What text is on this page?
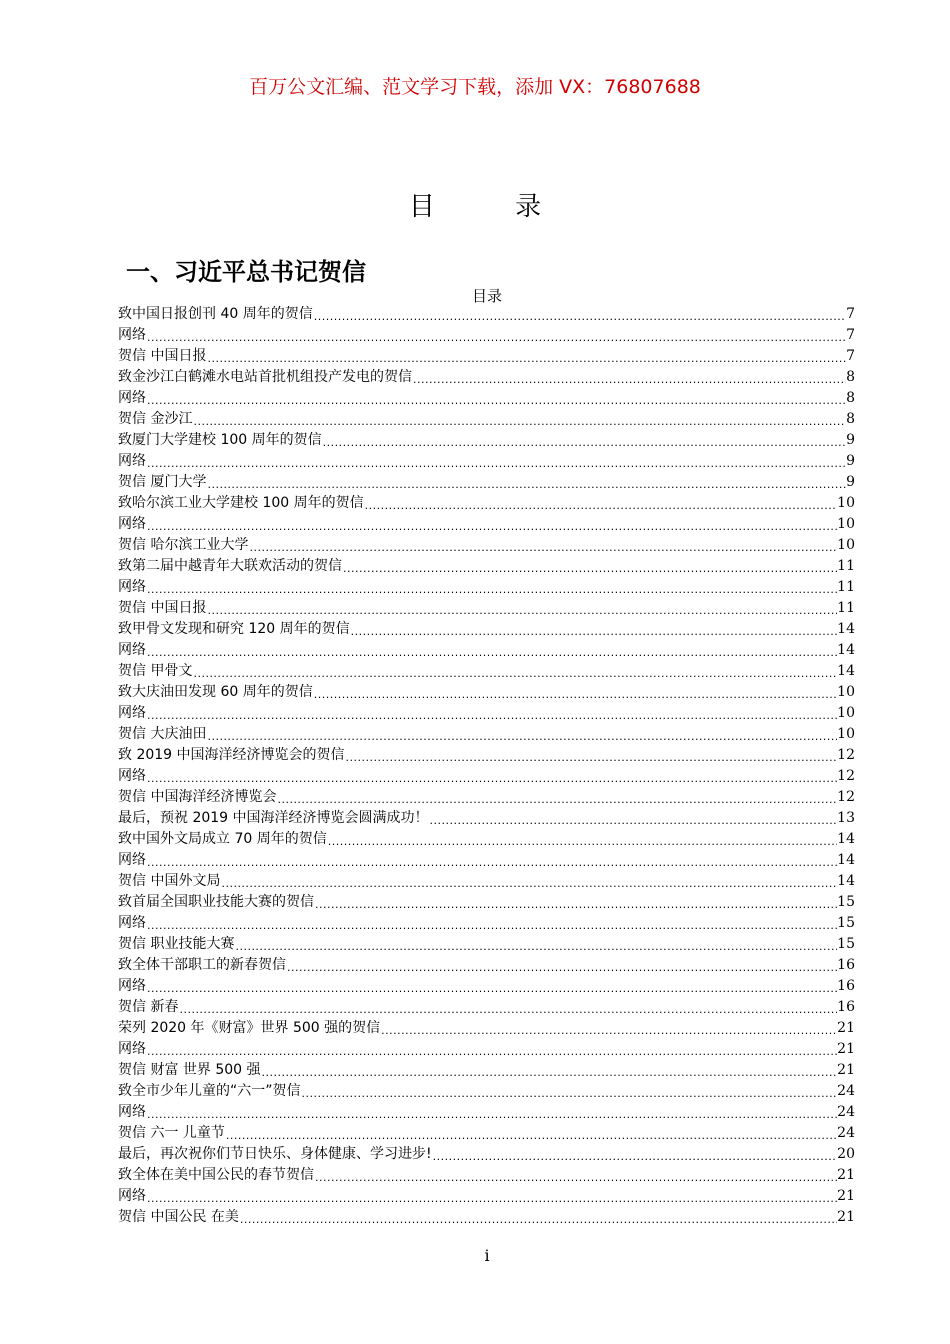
百万公文汇编、范文学习下载，添加 VX：76807688
目 录
一、习近平总书记贺信
目录
致中国日报创刊 40 周年的贺信 .....	7
网络 .....	7
贺信 中国日报 .....	7
致金沙江白鹤滩水电站首批机组投产发电的贺信 .....	8
网络 .....	8
贺信 金沙江 .....	8
致厦门大学建校 100 周年的贺信 .....	9
网络 .....	9
贺信 厦门大学 .....	9
致哈尔滨工业大学建校 100 周年的贺信 .....	10
网络 .....	10
贺信 哈尔滨工业大学 .....	10
致第二届中越青年大联欢活动的贺信 .....	11
网络 .....	11
贺信 中国日报 .....	11
致甲骨文发现和研究 120 周年的贺信 .....	14
网络 .....	14
贺信 甲骨文 .....	14
致大庆油田发现 60 周年的贺信 .....	10
网络 .....	10
贺信 大庆油田 .....	10
致 2019 中国海洋经济博览会的贺信 .....	12
网络 .....	12
贺信 中国海洋经济博览会 .....	12
最后，预祝 2019 中国海洋经济博览会圆满成功！ .....	13
致中国外文局成立 70 周年的贺信 .....	14
网络 .....	14
贺信 中国外文局 .....	14
致首届全国职业技能大赛的贺信 .....	15
网络 .....	15
贺信 职业技能大赛 .....	15
致全体干部职工的新春贺信 .....	16
网络 .....	16
贺信 新春 .....	16
荣列 2020 年《财富》世界 500 强的贺信 .....	21
网络 .....	21
贺信 财富 世界 500 强 .....	21
致全市少年儿童的“六一”贺信 .....	24
网络 .....	24
贺信 六一 儿童节 .....	24
最后，再次祝你们节日快乐、身体健康、学习进步! .....	20
致全体在美中国公民的春节贺信 .....	21
网络 .....	21
贺信 中国公民 在美 .....	21
i
